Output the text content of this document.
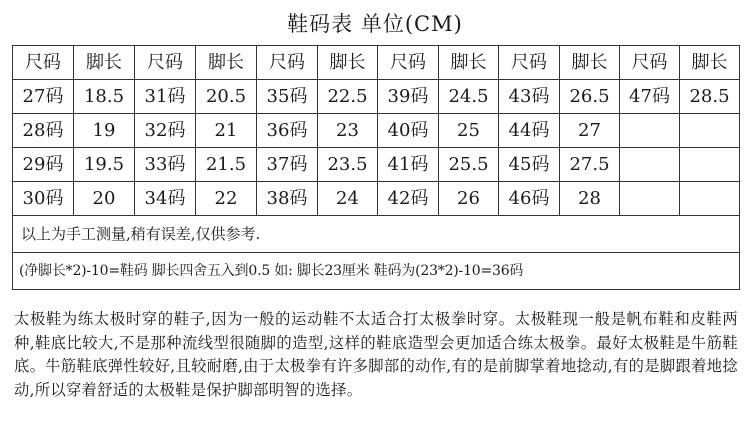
鞋码表 单位(CM)
尺码	脚长	尺码	脚长	尺码	脚长	尺码	脚长	尺码	脚长	尺码	脚长
27码	18.5	31码	20.5	35码	22.5	39码	24.5	43码	26.5	47码	28.5
28码	19	32码	21	36码	23	40码	25	44码	27		
29码	19.5	33码	21.5	37码	23.5	41码	25.5	45码	27.5		
30码	20	34码	22	38码	24	42码	26	46码	28		
以上为手工测量,稍有误差,仅供参考.											
(净脚长*2)-10=鞋码 脚长四舍五入到0.5 如: 脚长23厘米 鞋码为(23*2)-10=36码											
太极鞋为练太极时穿的鞋子,因为一般的运动鞋不太适合打太极拳时穿。太极鞋现一般是帆布鞋和皮鞋两种,鞋底比较大,不是那种流线型很随脚的造型,这样的鞋底造型会更加适合练太极拳。最好太极鞋是牛筋鞋底。牛筋鞋底弹性较好,且较耐磨,由于太极拳有许多脚部的动作,有的是前脚掌着地捻动,有的是脚跟着地捻动,所以穿着舒适的太极鞋是保护脚部明智的选择。
